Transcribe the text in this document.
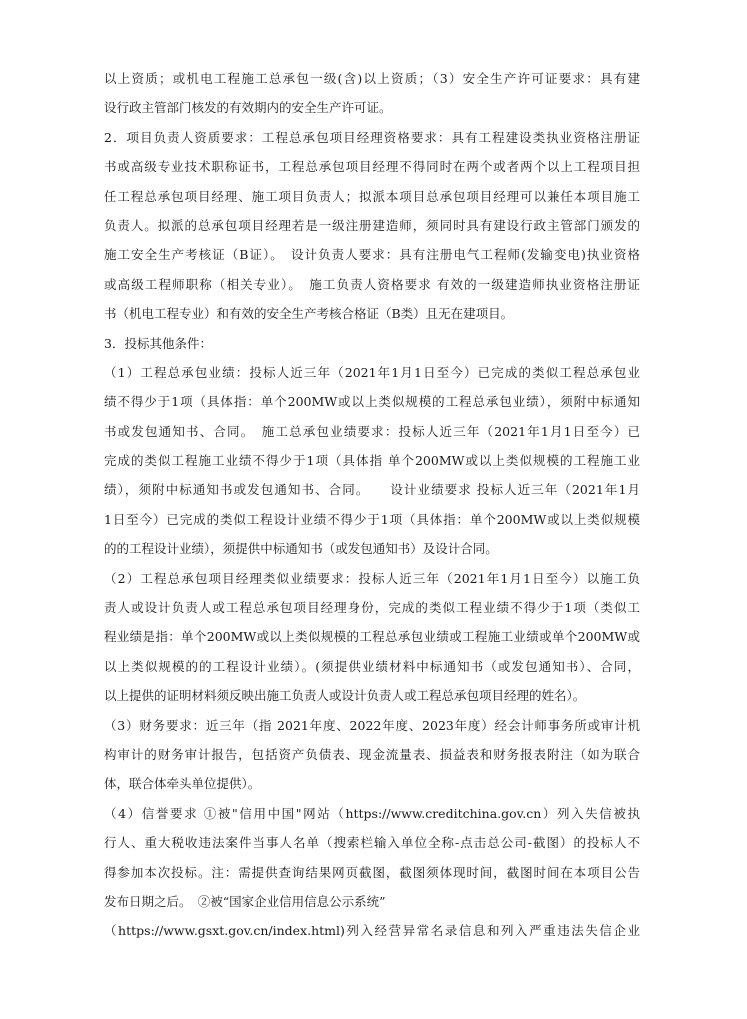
以上资质；或机电工程施工总承包一级(含)以上资质；（3）安全生产许可证要求：具有建
设行政主管部门核发的有效期内的安全生产许可证。
2．项目负责人资质要求：工程总承包项目经理资格要求：具有工程建设类执业资格注册证
书或高级专业技术职称证书，工程总承包项目经理不得同时在两个或者两个以上工程项目担
任工程总承包项目经理、施工项目负责人；拟派本项目总承包项目经理可以兼任本项目施工
负责人。拟派的总承包项目经理若是一级注册建造师，须同时具有建设行政主管部门颁发的
施工安全生产考核证（B证）。　设计负责人要求：具有注册电气工程师(发输变电)执业资格
或高级工程师职称（相关专业）。　施工负责人资格要求 有效的一级建造师执业资格注册证
书（机电工程专业）和有效的安全生产考核合格证（B类）且无在建项目。
3．投标其他条件：
（1）工程总承包业绩：投标人近三年（2021年1月1日至今）已完成的类似工程总承包业
绩不得少于1项（具体指：单个200MW或以上类似规模的工程总承包业绩），须附中标通知
书或发包通知书、合同。　施工总承包业绩要求：投标人近三年（2021年1月1日至今）已
完成的类似工程施工业绩不得少于1项（具体指 单个200MW或以上类似规模的工程施工业
绩），须附中标通知书或发包通知书、合同。　　设计业绩要求 投标人近三年（2021年1月
1日至今）已完成的类似工程设计业绩不得少于1项（具体指：单个200MW或以上类似规模
的的工程设计业绩），须提供中标通知书（或发包通知书）及设计合同。
（2）工程总承包项目经理类似业绩要求：投标人近三年（2021年1月1日至今）以施工负
责人或设计负责人或工程总承包项目经理身份，完成的类似工程业绩不得少于1项（类似工
程业绩是指：单个200MW或以上类似规模的工程总承包业绩或工程施工业绩或单个200MW或
以上类似规模的的工程设计业绩）。(须提供业绩材料中标通知书（或发包通知书）、合同，
以上提供的证明材料须反映出施工负责人或设计负责人或工程总承包项目经理的姓名）。
（3）财务要求：近三年（指 2021年度、2022年度、2023年度）经会计师事务所或审计机
构审计的财务审计报告，包括资产负债表、现金流量表、损益表和财务报表附注（如为联合
体，联合体牵头单位提供）。
（4）信誉要求 ①被"信用中国"网站（https://www.creditchina.gov.cn）列入失信被执
行人、重大税收违法案件当事人名单（搜索栏输入单位全称-点击总公司-截图）的投标人不
得参加本次投标。注：需提供查询结果网页截图，截图须体现时间，截图时间在本项目公告
发布日期之后。　②被“国家企业信用信息公示系统”
（https://www.gsxt.gov.cn/index.html)列入经营异常名录信息和列入严重违法失信企业
